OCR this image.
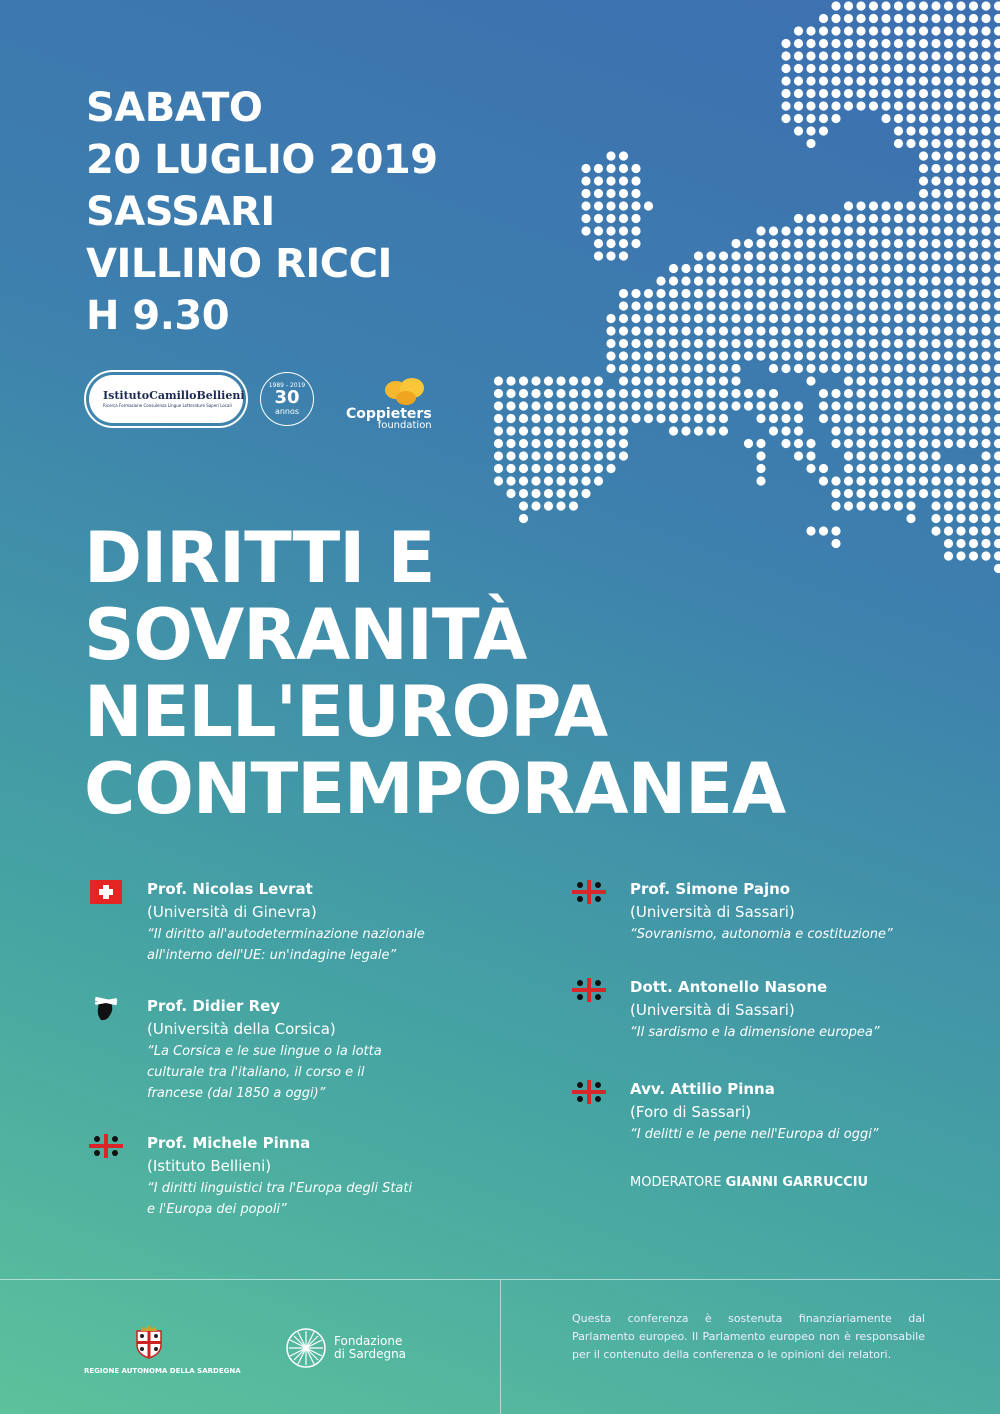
SABATO
20 LUGLIO 2019
SASSARI
VILLINO RICCI
H 9.30
IstitutoCamilloBellieni
Ricerca Formazione Consulenza Lingue Letterature Saperi Locali
1989 - 2019
30
annos	Coppieters
foundation
DIRITTI E
SOVRANITÀ
NELL'EUROPA
CONTEMPORANEA
Prof. Nicolas Levrat
(Università di Ginevra)
“Il diritto all'autodeterminazione nazionale
all'interno dell'UE: un'indagine legale”
Prof. Didier Rey
(Università della Corsica)
“La Corsica e le sue lingue o la lotta
culturale tra l'italiano, il corso e il
francese (dal 1850 a oggi)”
Prof. Michele Pinna
(Istituto Bellieni)
“I diritti linguistici tra l'Europa degli Stati
e l'Europa dei popoli”
Prof. Simone Pajno
(Università di Sassari)
“Sovranismo, autonomia e costituzione”
Dott. Antonello Nasone
(Università di Sassari)
“Il sardismo e la dimensione europea”
Avv. Attilio Pinna
(Foro di Sassari)
“I delitti e le pene nell'Europa di oggi”
MODERATORE GIANNI GARRUCCIU
REGIONE AUTONOMA DELLA SARDEGNA
Fondazione
di Sardegna
Questa conferenza è sostenuta finanziariamente dal Parlamento europeo. Il Parlamento europeo non è responsabile per il contenuto della conferenza o le opinioni dei relatori.
